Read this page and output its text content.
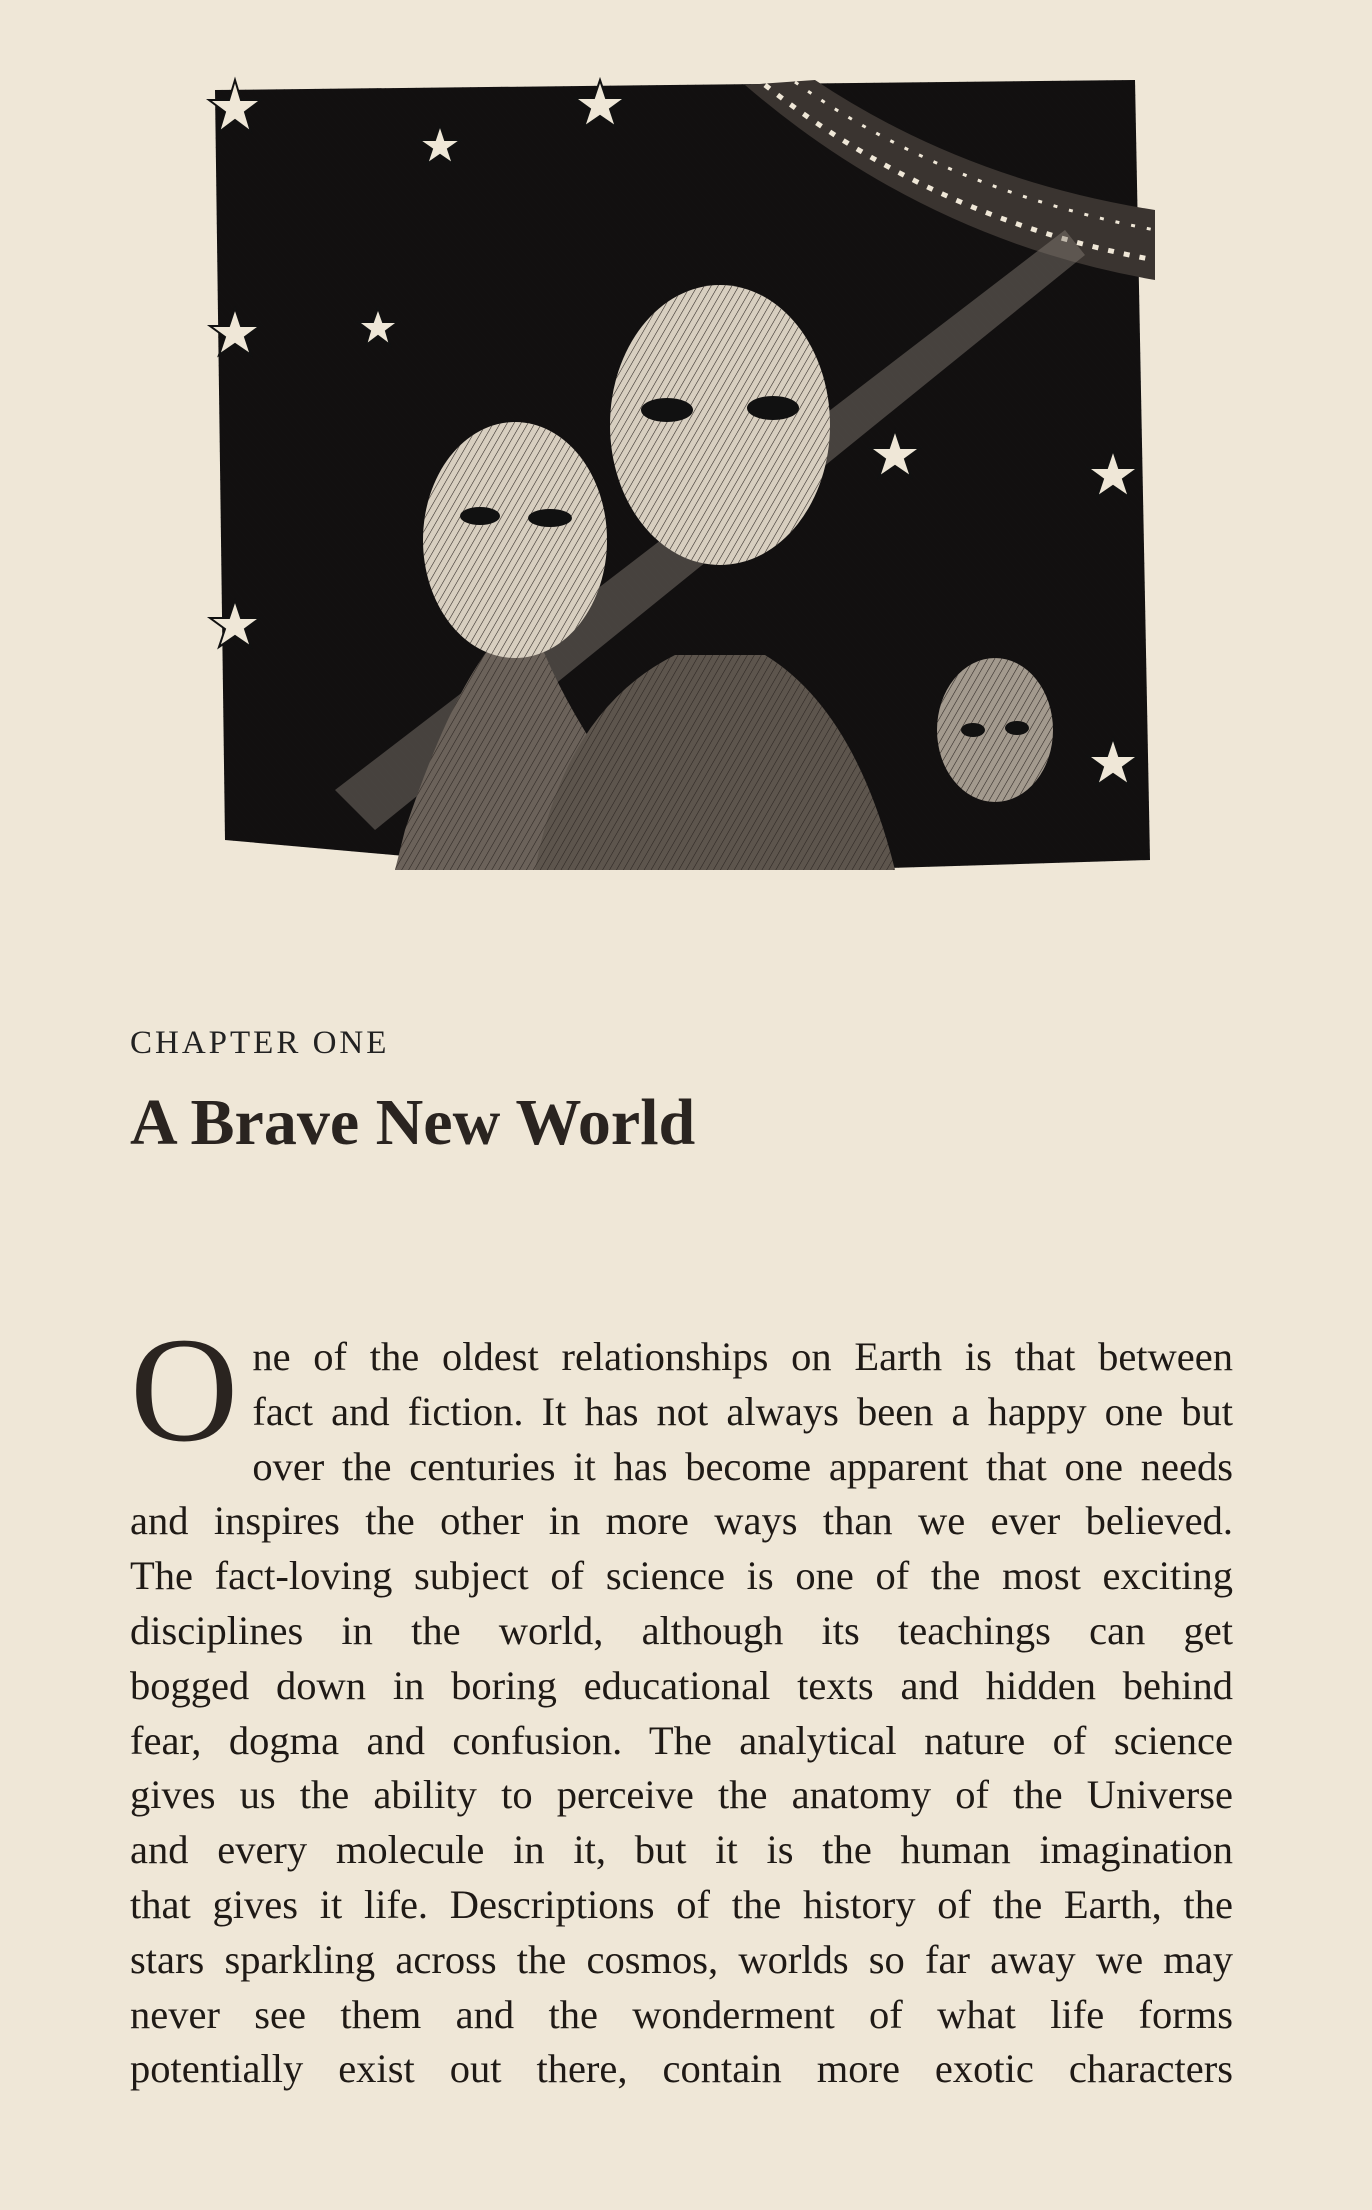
CHAPTER ONE
A Brave New World
O ne of the oldest relationships on Earth is that between
fact and fiction. It has not always been a happy one but
over the centuries it has become apparent that one needs
and inspires the other in more ways than we ever believed.
The fact-loving subject of science is one of the most exciting
disciplines in the world, although its teachings can get
bogged down in boring educational texts and hidden behind
fear, dogma and confusion. The analytical nature of science
gives us the ability to perceive the anatomy of the Universe
and every molecule in it, but it is the human imagination
that gives it life. Descriptions of the history of the Earth, the
stars sparkling across the cosmos, worlds so far away we may
never see them and the wonderment of what life forms
potentially exist out there, contain more exotic characters
